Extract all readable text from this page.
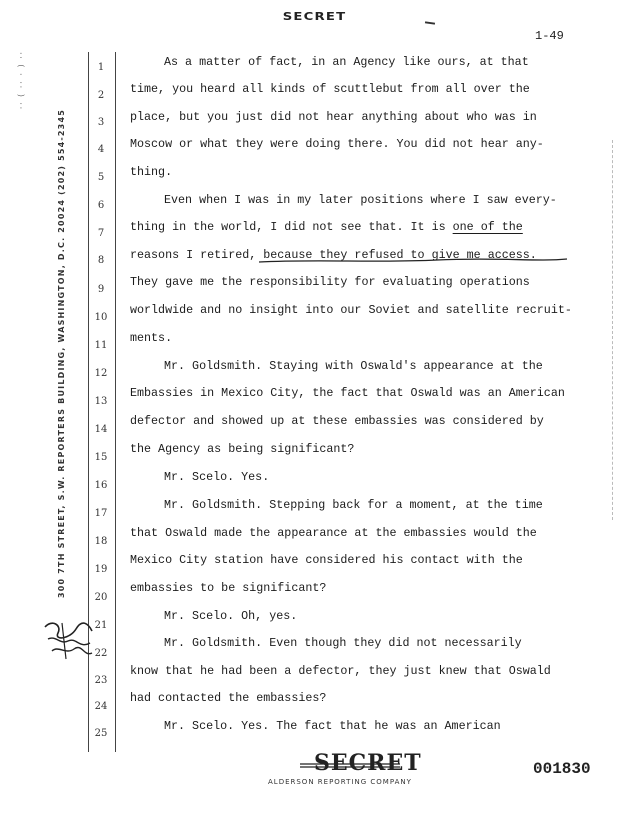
SECRET
1-49
300 7TH STREET, S.W. REPORTERS BUILDING, WASHINGTON, D.C. 20024 (202) 554-2345
·· ( ·· · ) ··	1
2
3
4
5
6
7
8
9
10
11
12
13
14
15
16
17
18
19
20
21
22
23
24
25
As a matter of fact, in an Agency like ours, at that
time, you heard all kinds of scuttlebut from all over the
place, but you just did not hear anything about who was in
Moscow or what they were doing there. You did not hear any-
thing.
Even when I was in my later positions where I saw every-
thing in the world, I did not see that. It is one of the
reasons I retired, because they refused to give me access.
They gave me the responsibility for evaluating operations
worldwide and no insight into our Soviet and satellite recruit-
ments.
Mr. Goldsmith. Staying with Oswald's appearance at the
Embassies in Mexico City, the fact that Oswald was an American
defector and showed up at these embassies was considered by
the Agency as being significant?
Mr. Scelo. Yes.
Mr. Goldsmith. Stepping back for a moment, at the time
that Oswald made the appearance at the embassies would the
Mexico City station have considered his contact with the
embassies to be significant?
Mr. Scelo. Oh, yes.
Mr. Goldsmith. Even though they did not necessarily
know that he had been a defector, they just knew that Oswald
had contacted the embassies?
Mr. Scelo. Yes. The fact that he was an American
SECRET
ALDERSON REPORTING COMPANY
001830
